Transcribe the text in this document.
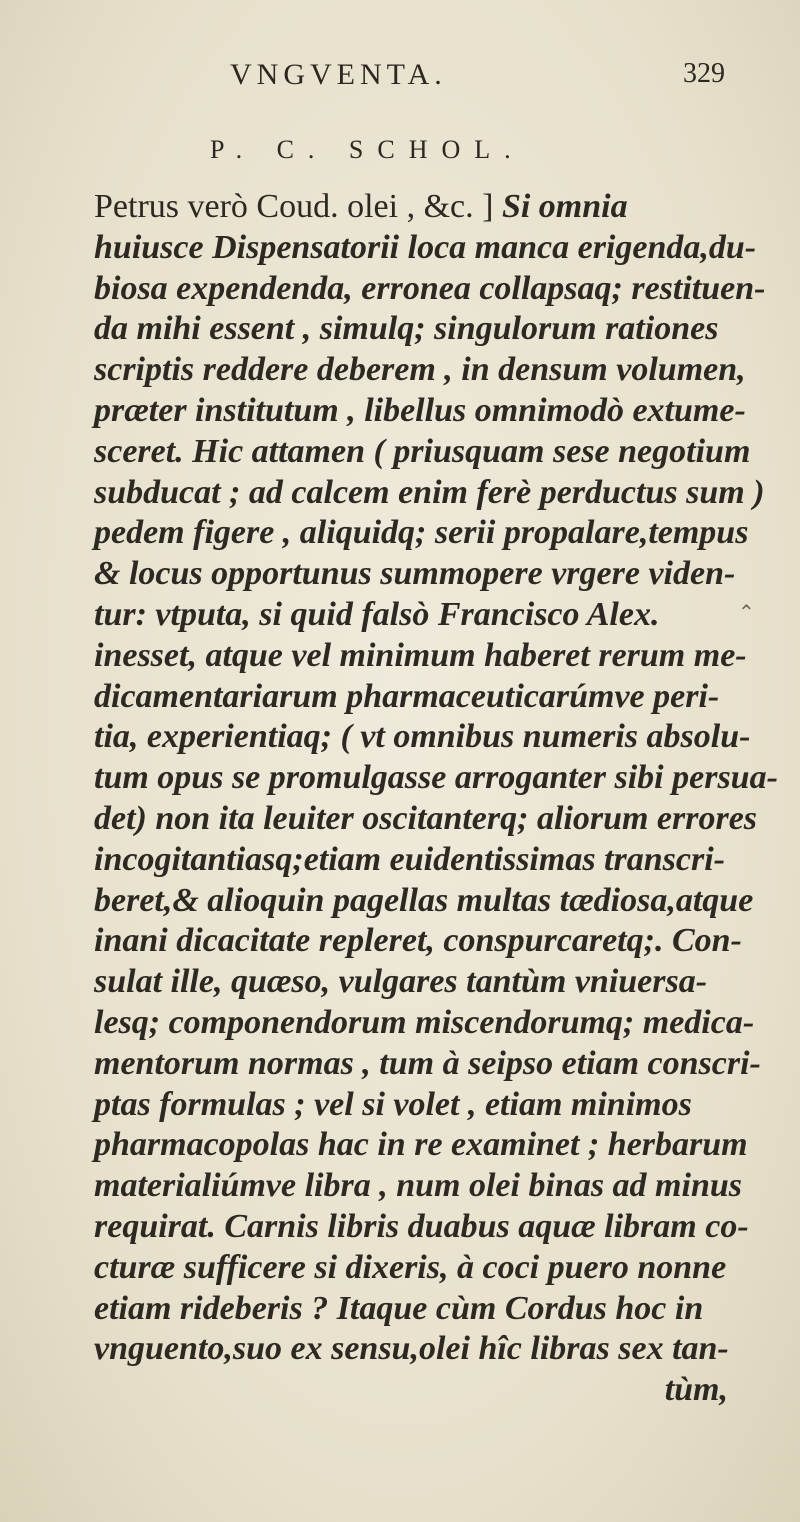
VNGVENTA.	329
P. C. SCHOL.
Petrus verò Coud. olei , &c. ] Si omnia
huiusce Dispensatorii loca manca erigenda,du-
biosa expendenda, erronea collapsaq; restituen-
da mihi essent , simulq; singulorum rationes
scriptis reddere deberem , in densum volumen,
præter institutum , libellus omnimodò extume-
sceret. Hic attamen ( priusquam sese negotium
subducat ; ad calcem enim ferè perductus sum )
pedem figere , aliquidq; serii propalare,tempus
& locus opportunus summopere vrgere viden-
tur: vtputa, si quid falsò Francisco Alex.
inesset, atque vel minimum haberet rerum me-
dicamentariarum pharmaceuticarúmve peri-
tia, experientiaq; ( vt omnibus numeris absolu-
tum opus se promulgasse arroganter sibi persua-
det) non ita leuiter oscitanterq; aliorum errores
incogitantiasq;etiam euidentissimas transcri-
beret,& alioquin pagellas multas tædiosa,atque
inani dicacitate repleret, conspurcaretq;. Con-
sulat ille, quæso, vulgares tantùm vniuersa-
lesq; componendorum miscendorumq; medica-
mentorum normas , tum à seipso etiam conscri-
ptas formulas ; vel si volet , etiam minimos
pharmacopolas hac in re examinet ; herbarum
materialiúmve libra , num olei binas ad minus
requirat. Carnis libris duabus aquæ libram co-
cturæ sufficere si dixeris, à coci puero nonne
etiam rideberis ? Itaque cùm Cordus hoc in
vnguento,suo ex sensu,olei hîc libras sex tan-
tùm,
⌃
